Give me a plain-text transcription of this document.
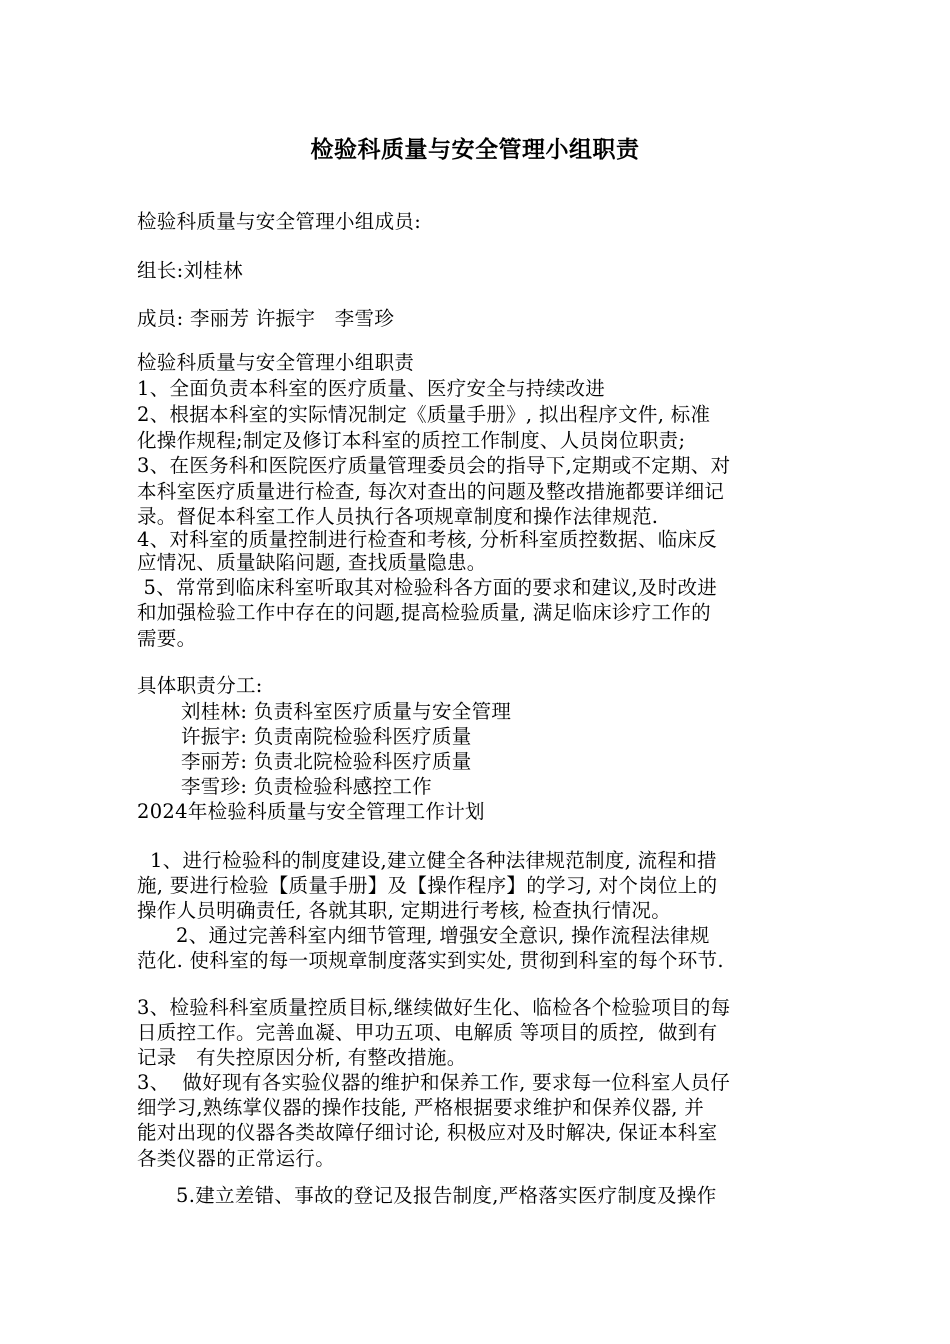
检验科质量与安全管理小组职责
检验科质量与安全管理小组成员:
组长:刘桂林
成员: 李丽芳 许振宇   李雪珍
检验科质量与安全管理小组职责
1、全面负责本科室的医疗质量、医疗安全与持续改进
2、根据本科室的实际情况制定《质量手册》, 拟出程序文件, 标准
化操作规程;制定及修订本科室的质控工作制度、人员岗位职责;
3、在医务科和医院医疗质量管理委员会的指导下,定期或不定期、对
本科室医疗质量进行检查, 每次对查出的问题及整改措施都要详细记
录。督促本科室工作人员执行各项规章制度和操作法律规范.
4、对科室的质量控制进行检查和考核, 分析科室质控数据、临床反
应情况、质量缺陷问题, 查找质量隐患。
5、常常到临床科室听取其对检验科各方面的要求和建议,及时改进
和加强检验工作中存在的问题,提高检验质量, 满足临床诊疗工作的
需要。
具体职责分工:
刘桂林: 负责科室医疗质量与安全管理
许振宇: 负责南院检验科医疗质量
李丽芳: 负责北院检验科医疗质量
李雪珍: 负责检验科感控工作
2024年检验科质量与安全管理工作计划
1、进行检验科的制度建设,建立健全各种法律规范制度, 流程和措
施, 要进行检验【质量手册】及【操作程序】的学习, 对个岗位上的
操作人员明确责任, 各就其职, 定期进行考核, 检查执行情况。
2、通过完善科室内细节管理, 增强安全意识, 操作流程法律规
范化. 使科室的每一项规章制度落实到实处, 贯彻到科室的每个环节.
3、检验科科室质量控质目标,继续做好生化、临检各个检验项目的每
日质控工作。完善血凝、甲功五项、电解质 等项目的质控,  做到有
记录   有失控原因分析, 有整改措施。
3、  做好现有各实验仪器的维护和保养工作, 要求每一位科室人员仔
细学习,熟练掌仪器的操作技能, 严格根据要求维护和保养仪器, 并
能对出现的仪器各类故障仔细讨论, 积极应对及时解决, 保证本科室
各类仪器的正常运行。
5.建立差错、事故的登记及报告制度,严格落实医疗制度及操作
